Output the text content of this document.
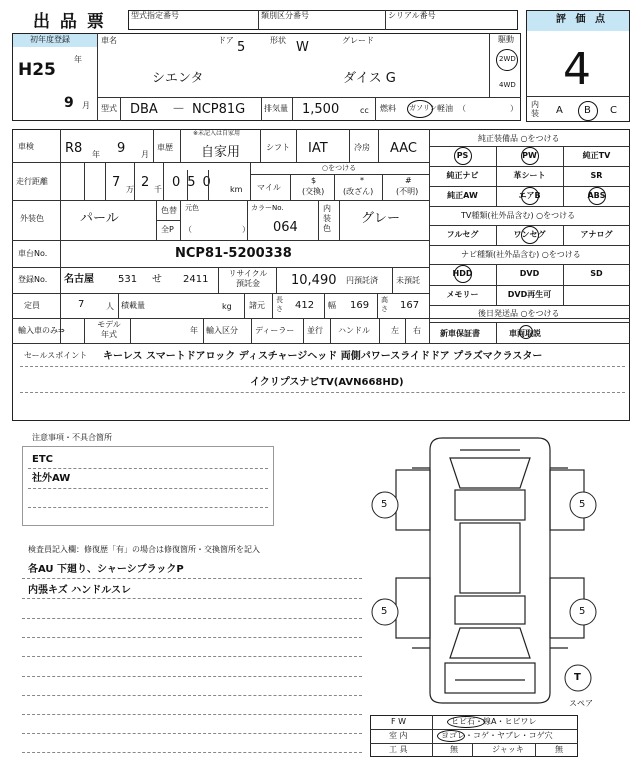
出 品 票	型式指定番号	類別区分番号	シリアル番号	評 価 点
4
内装 A B C
初年度登録
H25
年
9 月
車名
シエンタ
ドア 5	形状 W	グレード
ダイス G
駆動
2WD
4WD
型式 DBA － NCP81G 排気量 1,500	cc 燃料 ガソリン 軽油 （	）
車検 R8 年 9 月
※未記入は自家用
車歴 自家用	シフト IAT	冷房 AAC
走行距離	7 万 2 千 050 km
○をつける
マイル
$
(交換)
*
(改ざん)
#
(不明)
外装色	パール
色替
全P
元色
（	）
カラーNo.
064
内装色
グレー
車台No.	NCP81-5200338
登録No. 名古屋 531 せ 2411
リサイクル預託金	10,490 円預託済 未預託
定員	7	人 積載量	kg 諸元
長さ 412 幅 169 高さ 167
輸入車のみ⇒
モデル年式	年 輸入区分 ディーラー 並行 ハンドル	左 右
純正装備品 ○をつける
PS	PW	純正TV
純正ナビ	革シート	SR
純正AW	エアB	ABS
TV種類(社外品含む) ○をつける
フルセグ	ワンセグ	アナログ
ナビ種類(社外品含む) ○をつける
HDD	DVD	SD
メモリー	DVD再生可
後日発送品 ○をつける
新車保証書	車両取説
セールスポイント キーレス スマートドアロック ディスチャージヘッド 両側パワースライドドア プラズマクラスター
イクリプスナビTV(AVN668HD)
注意事項・不具合箇所
ETC
社外AW
検査員記入欄：修復歴「有」の場合は修復箇所・交換箇所を記入
各AU 下廻り、シャーシブラックP
内張キズ ハンドルスレ
5	5
5	5
T
スペア
F W	ヒビ石・線A・ヒビワレ
室 内	ヨゴレ・コゲ・ヤブレ・コゲ穴
工 具	無	ジャッキ	無
